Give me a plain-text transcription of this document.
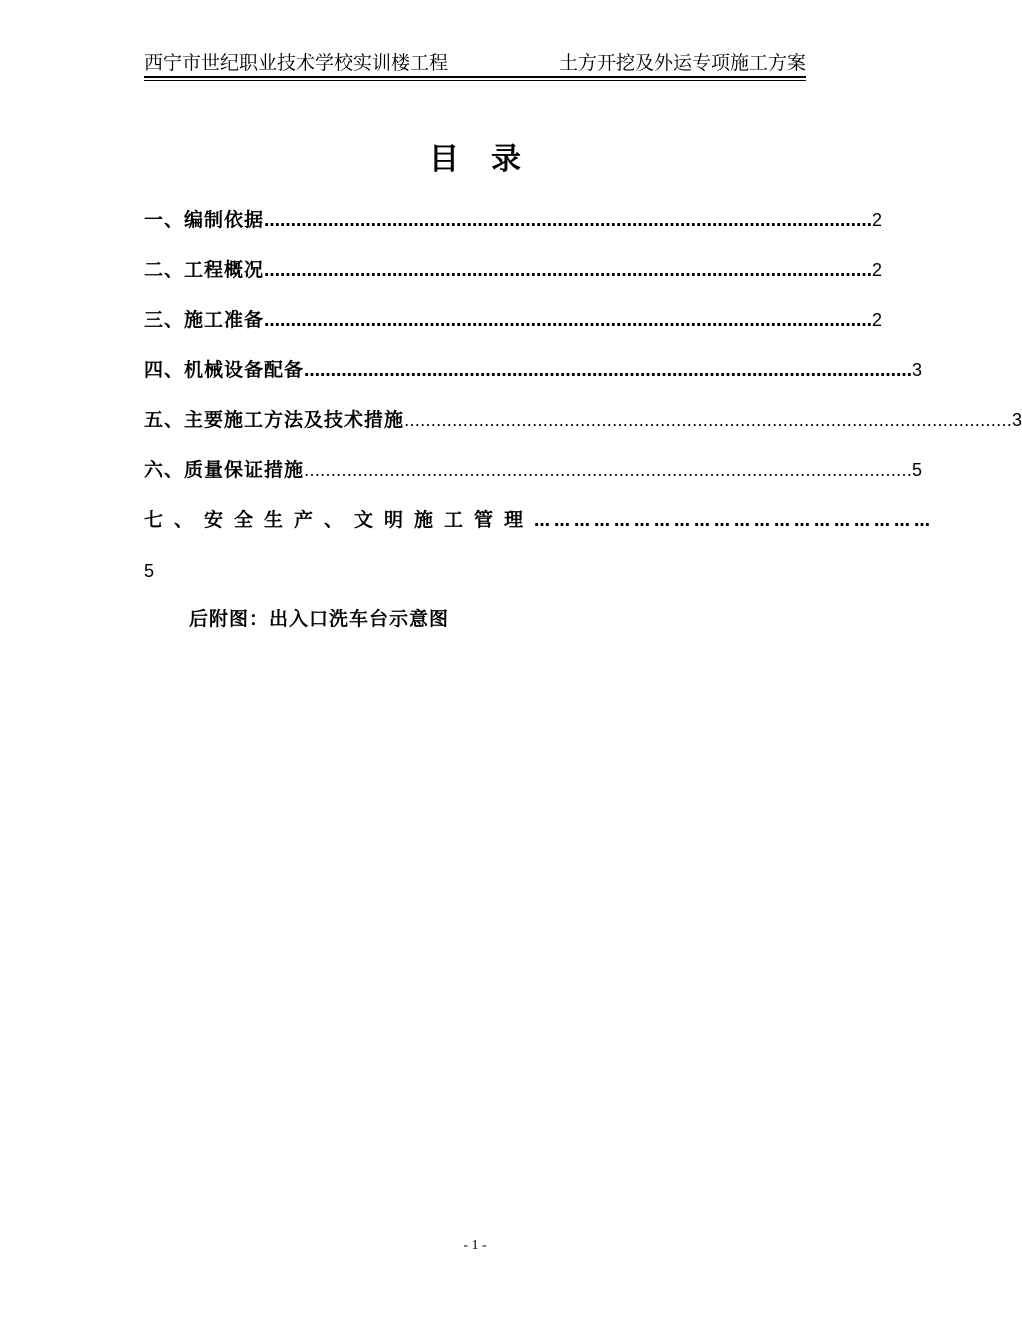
西宁市世纪职业技术学校实训楼工程	土方开挖及外运专项施工方案
目录
一、编制依据 …………………………………………………………………………………………………… 2
二、工程概况 …………………………………………………………………………………………………… 2
三、施工准备 …………………………………………………………………………………………………… 2
四、机械设备配备 …………………………………………………………………………………………………… 3
五、主要施工方法及技术措施 …………………………………………………………………………………………………… 3
六、质量保证措施 …………………………………………………………………………………………………… 5
七、安全生产、文明施工管理 ……………………………………………………
5
后附图：出入口洗车台示意图
- 1 -
